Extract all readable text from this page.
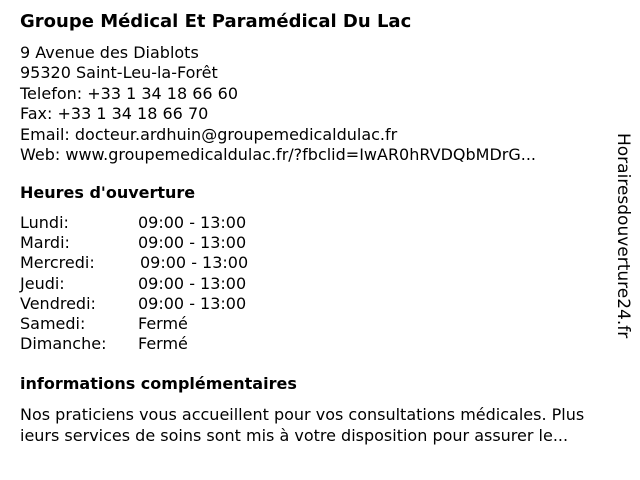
Groupe Médical Et Paramédical Du Lac
9 Avenue des Diablots
95320 Saint-Leu-la-Forêt
Telefon: +33 1 34 18 66 60
Fax: +33 1 34 18 66 70
Email: docteur.ardhuin@groupemedicaldulac.fr
Web: www.groupemedicaldulac.fr/?fbclid=IwAR0hRVDQbMDrG...
Heures d'ouverture
Lundi:	09:00 - 13:00
Mardi:	09:00 - 13:00
Mercredi:	09:00 - 13:00
Jeudi:	09:00 - 13:00
Vendredi:	09:00 - 13:00
Samedi:	Fermé
Dimanche: Fermé
informations complémentaires
Nos praticiens vous accueillent pour vos consultations médicales. Plus
ieurs services de soins sont mis à votre disposition pour assurer le...
Horairesdouverture24.fr
